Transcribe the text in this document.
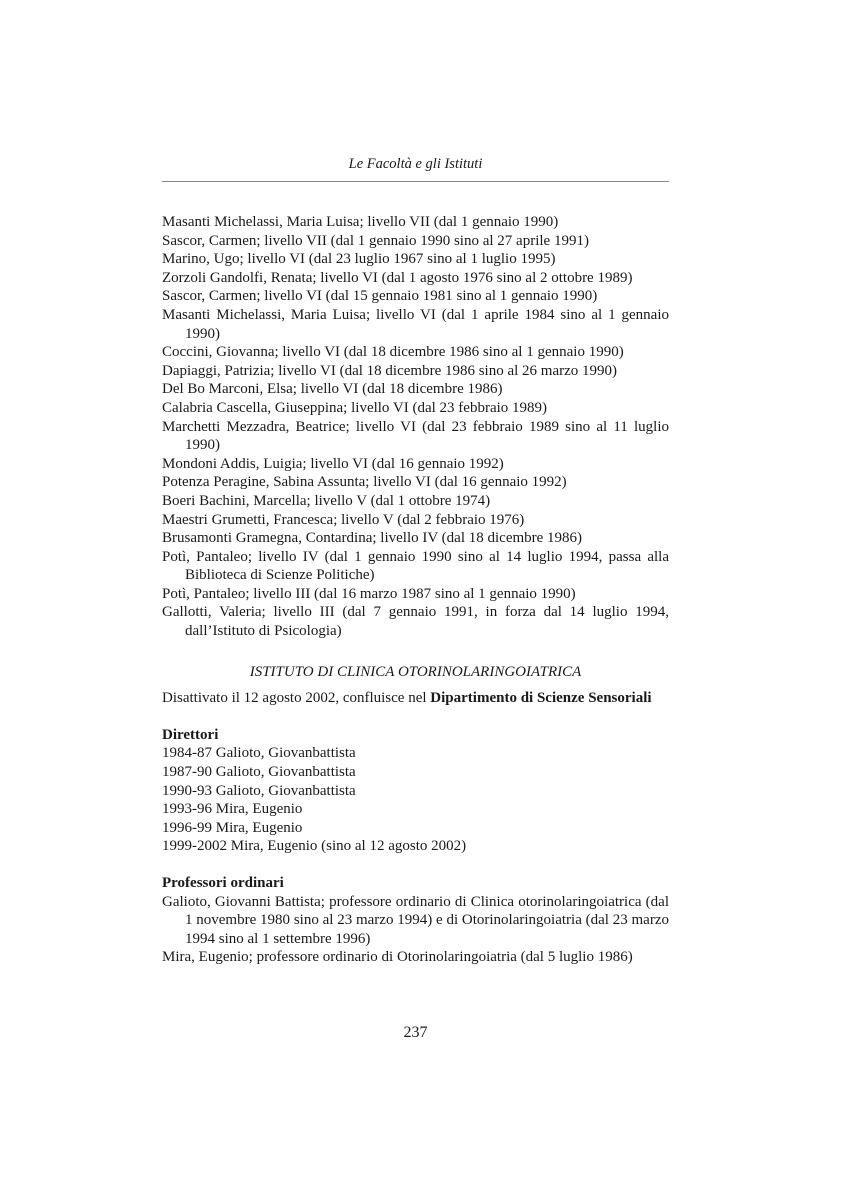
Le Facoltà e gli Istituti
Masanti Michelassi, Maria Luisa; livello VII (dal 1 gennaio 1990)
Sascor, Carmen; livello VII (dal 1 gennaio 1990 sino al 27 aprile 1991)
Marino, Ugo; livello VI (dal 23 luglio 1967 sino al 1 luglio 1995)
Zorzoli Gandolfi, Renata; livello VI (dal 1 agosto 1976 sino al 2 ottobre 1989)
Sascor, Carmen; livello VI (dal 15 gennaio 1981 sino al 1 gennaio 1990)
Masanti Michelassi, Maria Luisa; livello VI (dal 1 aprile 1984 sino al 1 gennaio 1990)
Coccini, Giovanna; livello VI (dal 18 dicembre 1986 sino al 1 gennaio 1990)
Dapiaggi, Patrizia; livello VI (dal 18 dicembre 1986 sino al 26 marzo 1990)
Del Bo Marconi, Elsa; livello VI (dal 18 dicembre 1986)
Calabria Cascella, Giuseppina; livello VI (dal 23 febbraio 1989)
Marchetti Mezzadra, Beatrice; livello VI (dal 23 febbraio 1989 sino al 11 luglio 1990)
Mondoni Addis, Luigia; livello VI (dal 16 gennaio 1992)
Potenza Peragine, Sabina Assunta; livello VI (dal 16 gennaio 1992)
Boeri Bachini, Marcella; livello V (dal 1 ottobre 1974)
Maestri Grumetti, Francesca; livello V (dal 2 febbraio 1976)
Brusamonti Gramegna, Contardina; livello IV (dal 18 dicembre 1986)
Potì, Pantaleo; livello IV (dal 1 gennaio 1990 sino al 14 luglio 1994, passa alla Biblioteca di Scienze Politiche)
Potì, Pantaleo; livello III (dal 16 marzo 1987 sino al 1 gennaio 1990)
Gallotti, Valeria; livello III (dal 7 gennaio 1991, in forza dal 14 luglio 1994, dall’Istituto di Psicologia)
ISTITUTO DI CLINICA OTORINOLARINGOIATRICA
Disattivato il 12 agosto 2002, confluisce nel Dipartimento di Scienze Sensoriali
Direttori
1984-87 Galioto, Giovanbattista
1987-90 Galioto, Giovanbattista
1990-93 Galioto, Giovanbattista
1993-96 Mira, Eugenio
1996-99 Mira, Eugenio
1999-2002 Mira, Eugenio (sino al 12 agosto 2002)
Professori ordinari
Galioto, Giovanni Battista; professore ordinario di Clinica otorinolaringoiatrica (dal 1 novembre 1980 sino al 23 marzo 1994) e di Otorinolaringoiatria (dal 23 marzo 1994 sino al 1 settembre 1996)
Mira, Eugenio; professore ordinario di Otorinolaringoiatria (dal 5 luglio 1986)
237
